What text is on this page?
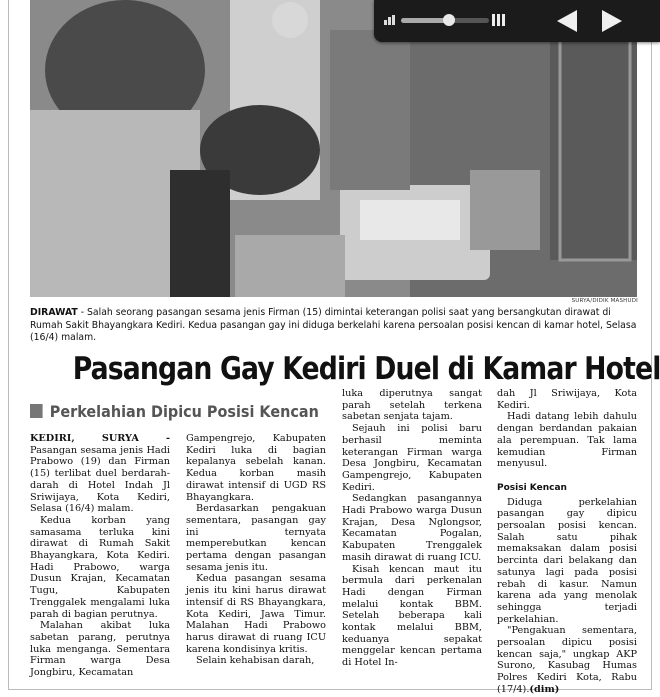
SURYA/DIDIK MASHUDI
DIRAWAT - Salah seorang pasangan sesama jenis Firman (15) dimintai keterangan polisi saat yang bersangkutan dirawat di Rumah Sakit Bhayangkara Kediri. Kedua pasangan gay ini diduga berkelahi karena persoalan posisi kencan di kamar hotel, Selasa (16/4) malam.
Pasangan Gay Kediri Duel di Kamar Hotel
Perkelahian Dipicu Posisi Kencan

KEDIRI, SURYA - Pasangan sesama jenis Hadi Prabowo (19) dan Firman (15) terlibat duel berdarah-darah di Hotel Indah Jl Sriwijaya, Kota Kediri, Selasa (16/4) malam.

Kedua korban yang samasama terluka kini dirawat di Rumah Sakit Bhayangkara, Kota Kediri. Hadi Prabowo, warga Dusun Krajan, Kecamatan Tugu, Kabupaten Trenggalek mengalami luka parah di bagian perutnya.

Malahan akibat luka sabetan parang, perutnya luka menganga. Sementara Firman warga Desa Jongbiru, Kecamatan

Gampengrejo, Kabupaten Kediri luka di bagian kepalanya sebelah kanan. Kedua korban masih dirawat intensif di UGD RS Bhayangkara.

Berdasarkan pengakuan sementara, pasangan gay ini ternyata memperebutkan kencan pertama dengan pasangan sesama jenis itu.

Kedua pasangan sesama jenis itu kini harus dirawat intensif di RS Bhayangkara, Kota Kediri, Jawa Timur. Malahan Hadi Prabowo harus dirawat di ruang ICU karena kondisinya kritis.

Selain kehabisan darah,

luka diperutnya sangat parah setelah terkena sabetan senjata tajam.

Sejauh ini polisi baru berhasil meminta keterangan Firman warga Desa Jongbiru, Kecamatan Gampengrejo, Kabupaten Kediri.

Sedangkan pasangannya Hadi Prabowo warga Dusun Krajan, Desa Nglongsor, Kecamatan Pogalan, Kabupaten Trenggalek masih dirawat di ruang ICU.

Kisah kencan maut itu bermula dari perkenalan Hadi dengan Firman melalui kontak BBM. Setelah beberapa kali kontak melalui BBM, keduanya sepakat menggelar kencan pertama di Hotel In-

dah Jl Sriwijaya, Kota Kediri.

Hadi datang lebih dahulu dengan berdandan pakaian ala perempuan. Tak lama kemudian Firman menyusul.

Posisi Kencan

Diduga perkelahian pasangan gay dipicu persoalan posisi kencan. Salah satu pihak memaksakan dalam posisi bercinta dari belakang dan satunya lagi pada posisi rebah di kasur. Namun karena ada yang menolak sehingga terjadi perkelahian.

"Pengakuan sementara, persoalan dipicu posisi kencan saja," ungkap AKP Surono, Kasubag Humas Polres Kediri Kota, Rabu (17/4).(dim)
